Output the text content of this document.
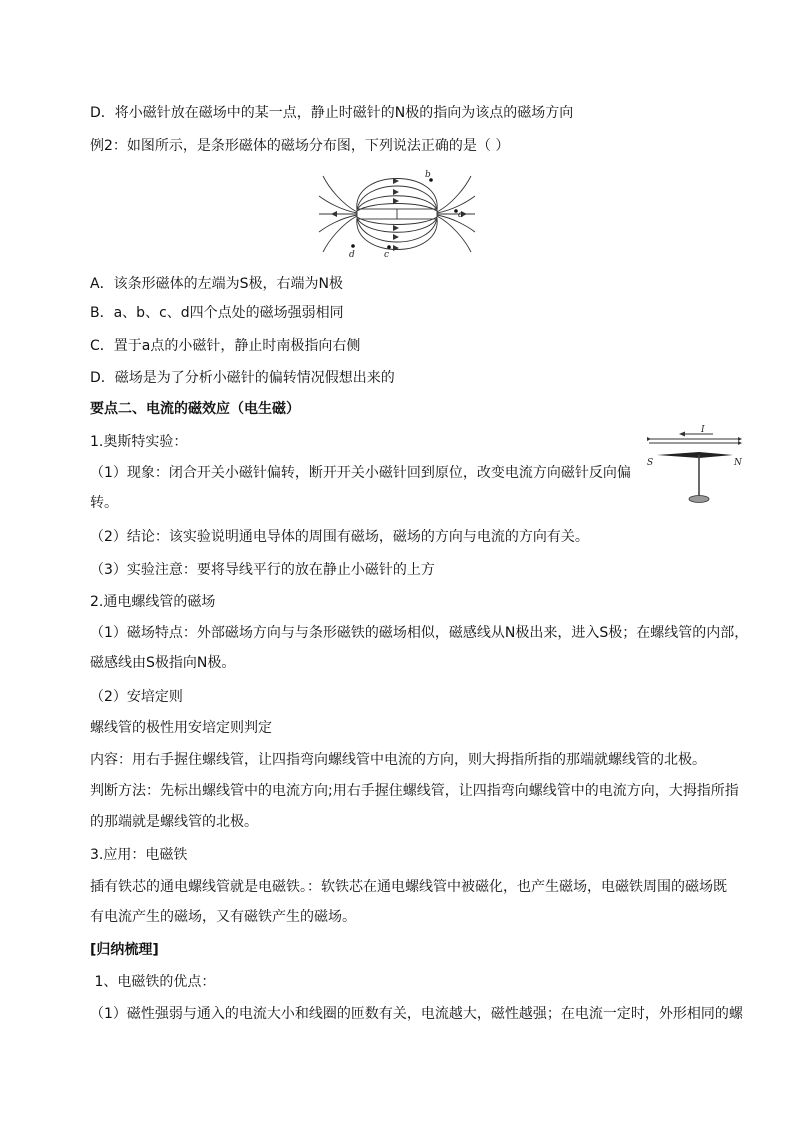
D．将小磁针放在磁场中的某一点，静止时磁针的N极的指向为该点的磁场方向
例2：如图所示，是条形磁体的磁场分布图，下列说法正确的是（ ）
b
a
c
d
A．该条形磁体的左端为S极，右端为N极
B．a、b、c、d四个点处的磁场强弱相同
C．置于a点的小磁针，静止时南极指向右侧
D．磁场是为了分析小磁针的偏转情况假想出来的
要点二、电流的磁效应（电生磁）
1.奥斯特实验：
（1）现象：闭合开关小磁针偏转，断开开关小磁针回到原位，改变电流方向磁针反向偏
转。
I
S	N
（2）结论：该实验说明通电导体的周围有磁场，磁场的方向与电流的方向有关。
（3）实验注意：要将导线平行的放在静止小磁针的上方
2.通电螺线管的磁场
（1）磁场特点：外部磁场方向与与条形磁铁的磁场相似，磁感线从N极出来，进入S极；在螺线管的内部，
磁感线由S极指向N极。
（2）安培定则
螺线管的极性用安培定则判定
内容：用右手握住螺线管，让四指弯向螺线管中电流的方向，则大拇指所指的那端就螺线管的北极。
判断方法：先标出螺线管中的电流方向;用右手握住螺线管，让四指弯向螺线管中的电流方向，大拇指所指
的那端就是螺线管的北极。
3.应用：电磁铁
插有铁芯的通电螺线管就是电磁铁。：软铁芯在通电螺线管中被磁化，也产生磁场，电磁铁周围的磁场既
有电流产生的磁场，又有磁铁产生的磁场。
[归纳梳理]
1、电磁铁的优点：
（1）磁性强弱与通入的电流大小和线圈的匝数有关，电流越大，磁性越强；在电流一定时，外形相同的螺
